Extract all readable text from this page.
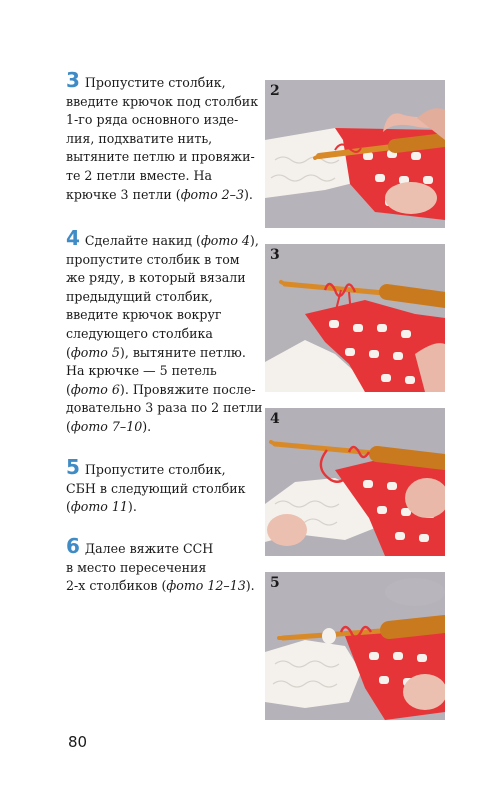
3 Пропустите столбик,
введите крючок под столбик
1-го ряда основного изде-
лия, подхватите нить,
вытяните петлю и провяжи-
те 2 петли вместе. На
крючке 3 петли (фото 2–3).
4 Сделайте накид (фото 4),
пропустите столбик в том
же ряду, в который вязали
предыдущий столбик,
введите крючок вокруг
следующего столбика
(фото 5), вытяните петлю.
На крючке — 5 петель
(фото 6). Провяжите после-
довательно 3 раза по 2 петли
(фото 7–10).
5 Пропустите столбик,
СБН в следующий столбик
(фото 11).
6 Далее вяжите ССН
в место пересечения
2-х столбиков (фото 12–13).
2
3
4
5
80
